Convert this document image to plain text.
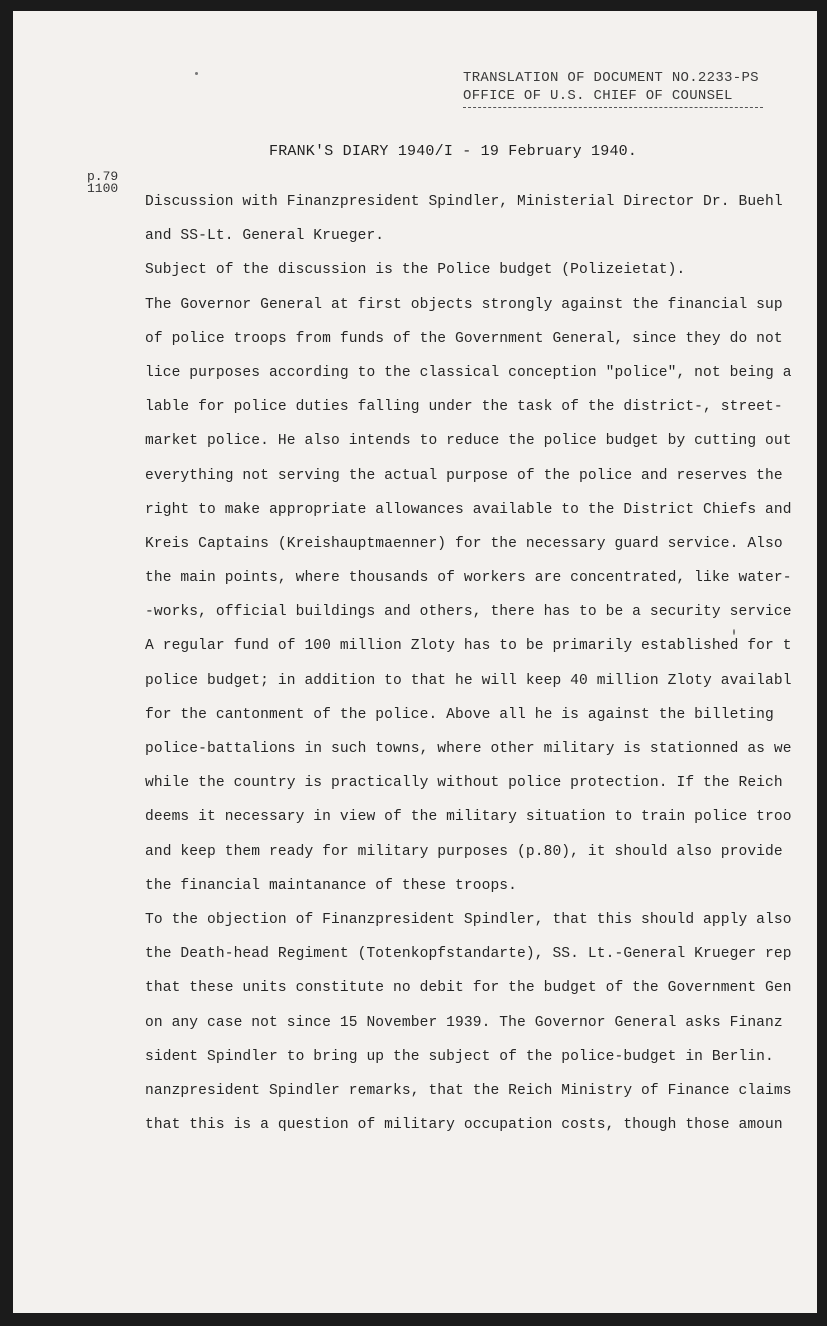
TRANSLATION OF DOCUMENT NO.2233-PS
OFFICE OF U.S. CHIEF OF COUNSEL
FRANK'S DIARY 1940/I - 19 February 1940.
p.79
1100
Discussion with Finanzpresident Spindler, Ministerial Director Dr. Buehl
and SS-Lt. General Krueger.
Subject of the discussion is the Police budget (Polizeietat).
The Governor General at first objects strongly against the financial sup
of police troops from funds of the Government General, since they do not
lice purposes according to the classical conception "police", not being a
lable for police duties falling under the task of the district-, street-
market police. He also intends to reduce the police budget by cutting out
everything not serving the actual purpose of the police and reserves the
right to make appropriate allowances available to the District Chiefs and
Kreis Captains (Kreishauptmaenner) for the necessary guard service. Also
the main points, where thousands of workers are concentrated, like water-
-works, official buildings and others, there has to be a security service
A regular fund of 100 million Zloty has to be primarily established for t
police budget; in addition to that he will keep 40 million Zloty availabl
for the cantonment of the police. Above all he is against the billeting
police-battalions in such towns, where other military is stationned as we
while the country is practically without police protection. If the Reich
deems it necessary in view of the military situation to train police troo
and keep them ready for military purposes (p.80), it should also provide
the financial maintanance of these troops.
To the objection of Finanzpresident Spindler, that this should apply also
the Death-head Regiment (Totenkopfstandarte), SS. Lt.-General Krueger rep
that these units constitute no debit for the budget of the Government Gen
on any case not since 15 November 1939. The Governor General asks Finanz
sident Spindler to bring up the subject of the police-budget in Berlin.
nanzpresident Spindler remarks, that the Reich Ministry of Finance claims
that this is a question of military occupation costs, though those amoun
